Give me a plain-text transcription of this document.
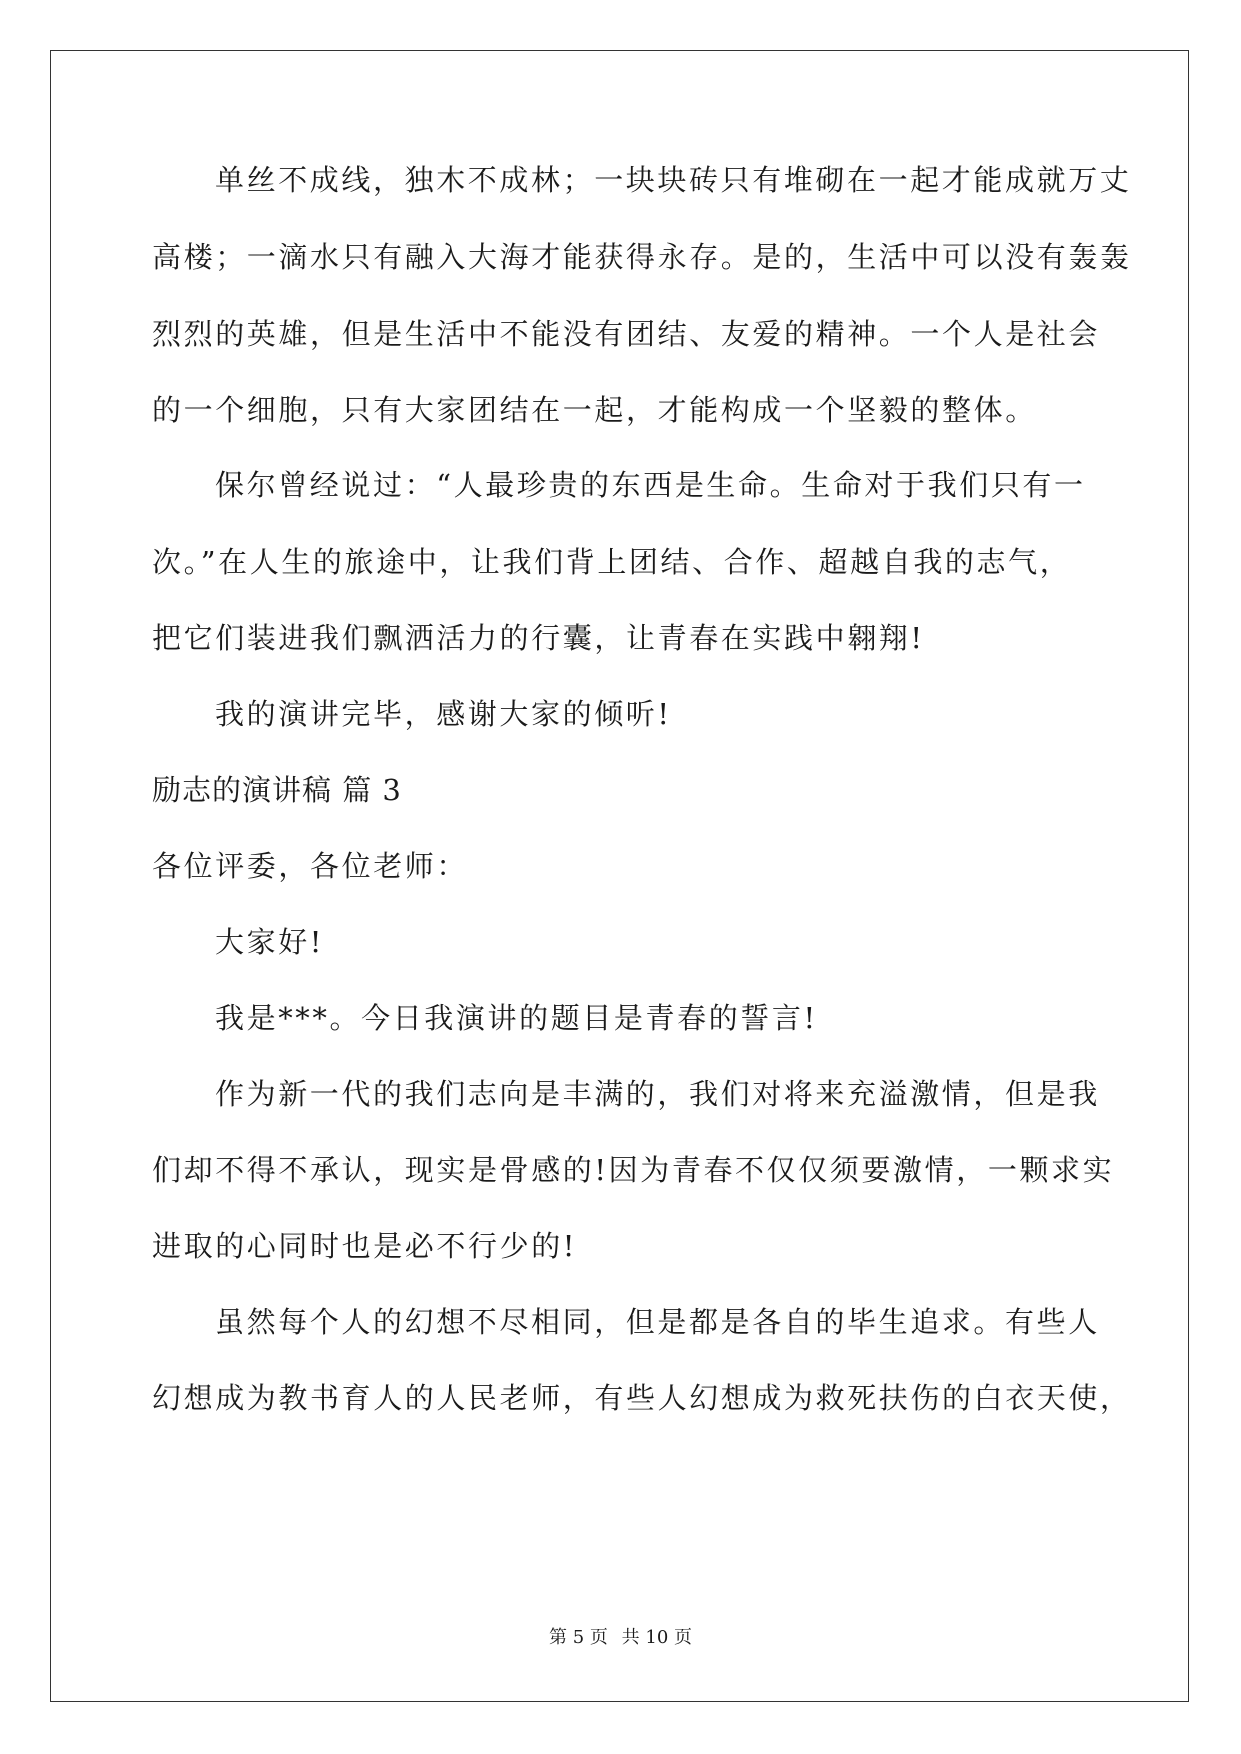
单丝不成线，独木不成林；一块块砖只有堆砌在一起才能成就万丈
高楼；一滴水只有融入大海才能获得永存。是的，生活中可以没有轰轰
烈烈的英雄，但是生活中不能没有团结、友爱的精神。一个人是社会
的一个细胞，只有大家团结在一起，才能构成一个坚毅的整体。
保尔曾经说过：“人最珍贵的东西是生命。生命对于我们只有一
次。”在人生的旅途中，让我们背上团结、合作、超越自我的志气，
把它们装进我们飘洒活力的行囊，让青春在实践中翱翔!
我的演讲完毕，感谢大家的倾听!
励志的演讲稿 篇 3
各位评委，各位老师：
大家好!
我是***。今日我演讲的题目是青春的誓言!
作为新一代的我们志向是丰满的，我们对将来充溢激情，但是我
们却不得不承认，现实是骨感的!因为青春不仅仅须要激情，一颗求实
进取的心同时也是必不行少的!
虽然每个人的幻想不尽相同，但是都是各自的毕生追求。有些人
幻想成为教书育人的人民老师，有些人幻想成为救死扶伤的白衣天使，
第 5 页 共 10 页
